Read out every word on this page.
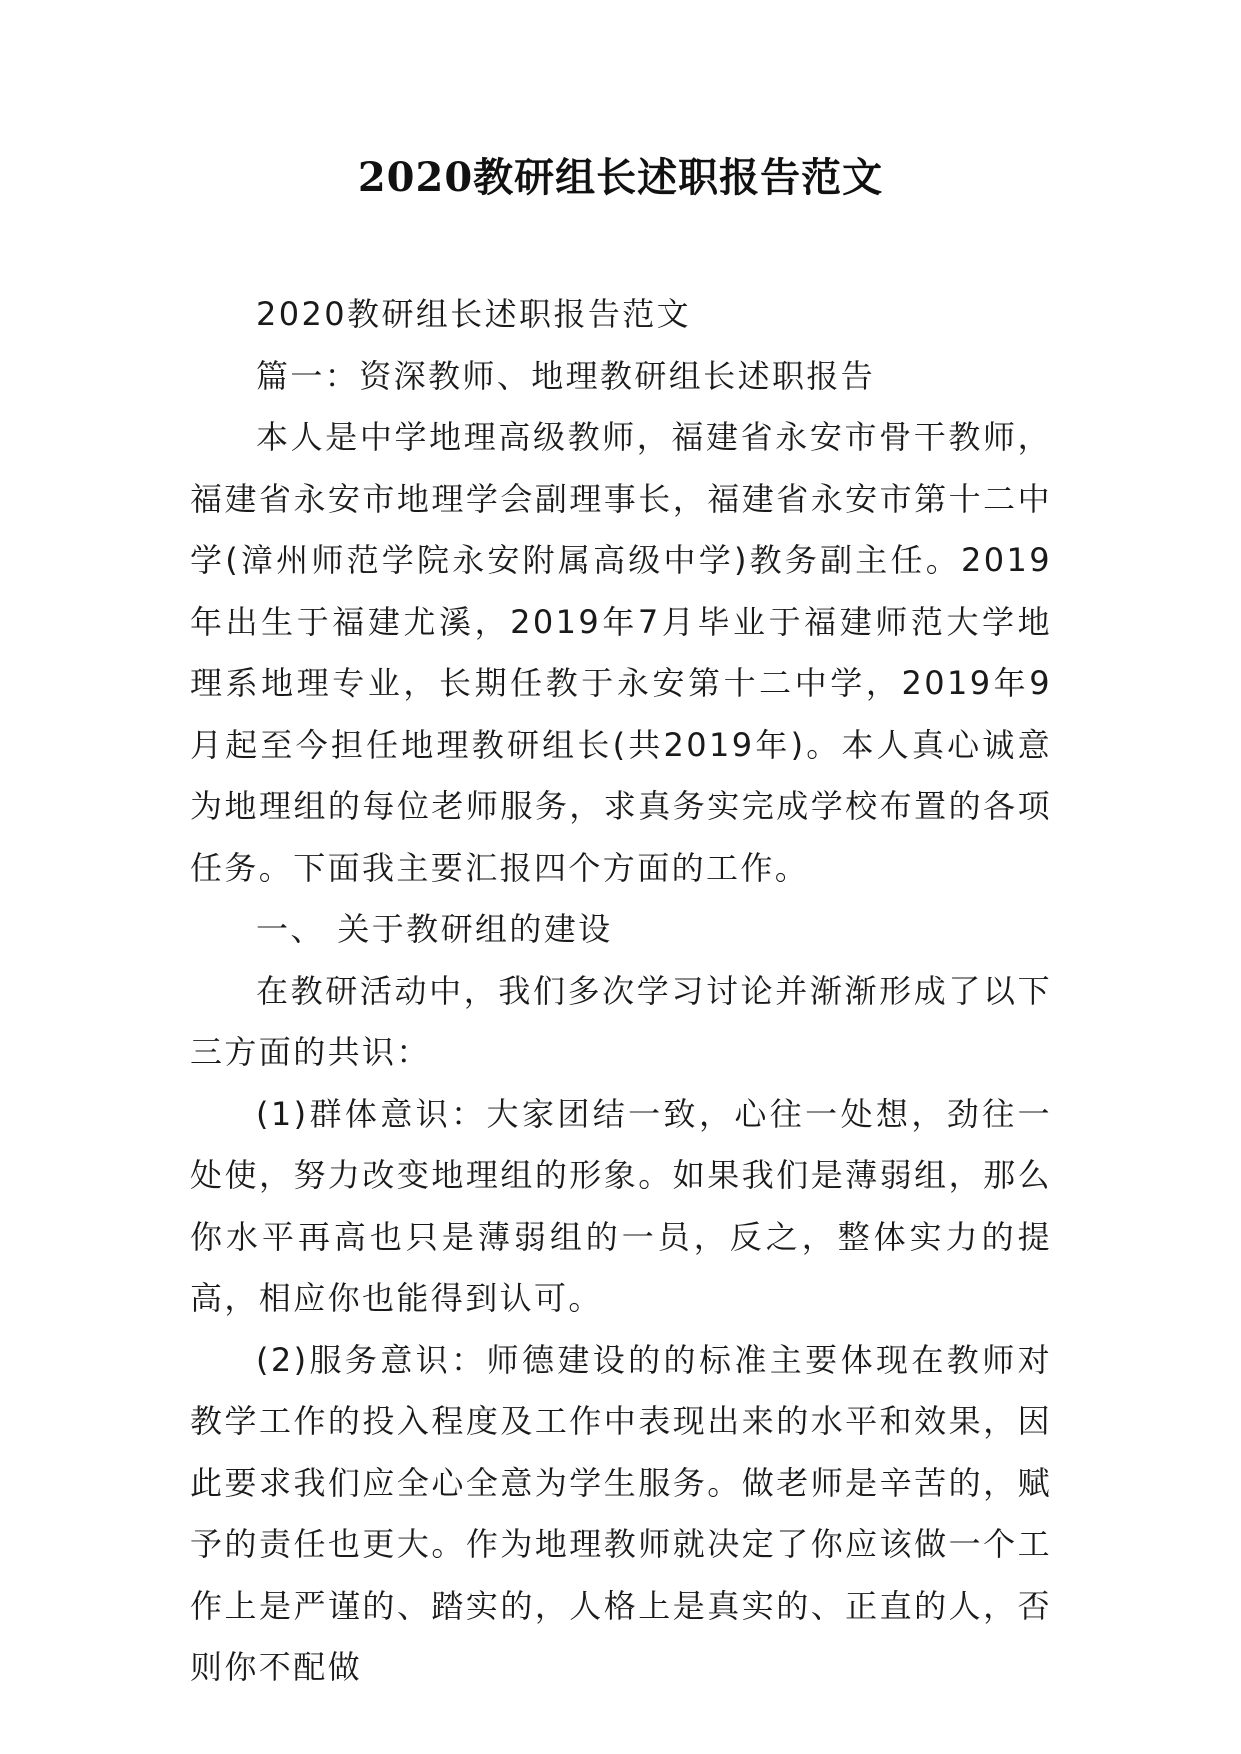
2020教研组长述职报告范文

2020教研组长述职报告范文

篇一：资深教师、地理教研组长述职报告

本人是中学地理高级教师，福建省永安市骨干教师，福建省永安市地理学会副理事长，福建省永安市第十二中学(漳州师范学院永安附属高级中学)教务副主任。2019年出生于福建尤溪，2019年7月毕业于福建师范大学地理系地理专业，长期任教于永安第十二中学，2019年9月起至今担任地理教研组长(共2019年)。本人真心诚意为地理组的每位老师服务，求真务实完成学校布置的各项任务。下面我主要汇报四个方面的工作。

一、 关于教研组的建设

在教研活动中，我们多次学习讨论并渐渐形成了以下三方面的共识：

(1)群体意识：大家团结一致，心往一处想，劲往一处使，努力改变地理组的形象。如果我们是薄弱组，那么你水平再高也只是薄弱组的一员，反之，整体实力的提高，相应你也能得到认可。

(2)服务意识：师德建设的的标准主要体现在教师对教学工作的投入程度及工作中表现出来的水平和效果，因此要求我们应全心全意为学生服务。做老师是辛苦的，赋予的责任也更大。作为地理教师就决定了你应该做一个工作上是严谨的、踏实的，人格上是真实的、正直的人，否则你不配做
